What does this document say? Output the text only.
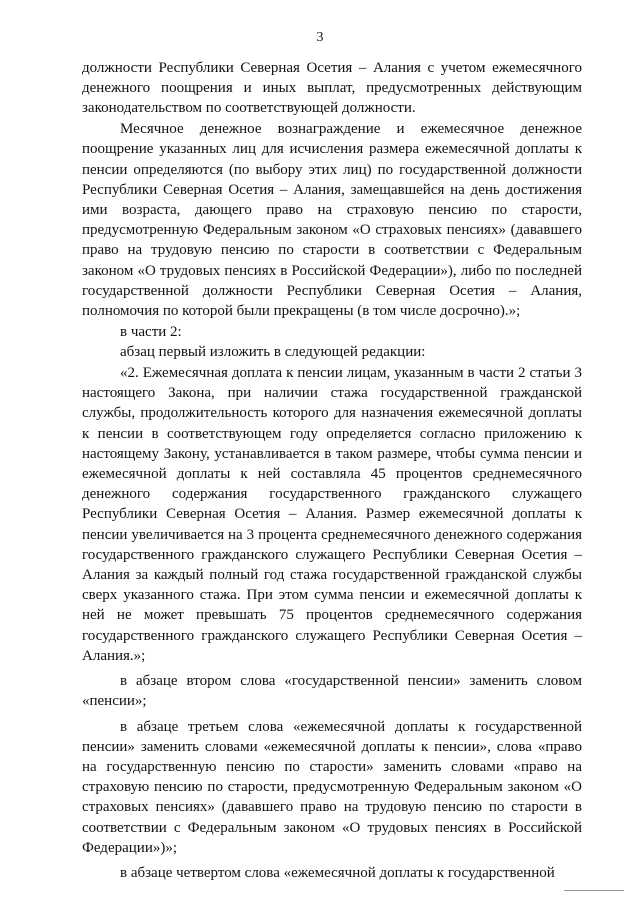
3

должности Республики Северная Осетия – Алания с учетом ежемесячного денежного поощрения и иных выплат, предусмотренных действующим законодательством по соответствующей должности.

Месячное денежное вознаграждение и ежемесячное денежное поощрение указанных лиц для исчисления размера ежемесячной доплаты к пенсии определяются (по выбору этих лиц) по государственной должности Республики Северная Осетия – Алания, замещавшейся на день достижения ими возраста, дающего право на страховую пенсию по старости, предусмотренную Федеральным законом «О страховых пенсиях» (дававшего право на трудовую пенсию по старости в соответствии с Федеральным законом «О трудовых пенсиях в Российской Федерации»), либо по последней государственной должности Республики Северная Осетия – Алания, полномочия по которой были прекращены (в том числе досрочно).»;

в части 2:

абзац первый изложить в следующей редакции:

«2. Ежемесячная доплата к пенсии лицам, указанным в части 2 статьи 3 настоящего Закона, при наличии стажа государственной гражданской службы, продолжительность которого для назначения ежемесячной доплаты к пенсии в соответствующем году определяется согласно приложению к настоящему Закону, устанавливается в таком размере, чтобы сумма пенсии и ежемесячной доплаты к ней составляла 45 процентов среднемесячного денежного содержания государственного гражданского служащего Республики Северная Осетия – Алания. Размер ежемесячной доплаты к пенсии увеличивается на 3 процента среднемесячного денежного содержания государственного гражданского служащего Республики Северная Осетия – Алания за каждый полный год стажа государственной гражданской службы сверх указанного стажа. При этом сумма пенсии и ежемесячной доплаты к ней не может превышать 75 процентов среднемесячного содержания государственного гражданского служащего Республики Северная Осетия – Алания.»;

в абзаце втором слова «государственной пенсии» заменить словом «пенсии»;

в абзаце третьем слова «ежемесячной доплаты к государственной пенсии» заменить словами «ежемесячной доплаты к пенсии», слова «право на государственную пенсию по старости» заменить словами «право на страховую пенсию по старости, предусмотренную Федеральным законом «О страховых пенсиях» (дававшего право на трудовую пенсию по старости в соответствии с Федеральным законом «О трудовых пенсиях в Российской Федерации»)»;

в абзаце четвертом слова «ежемесячной доплаты к государственной
